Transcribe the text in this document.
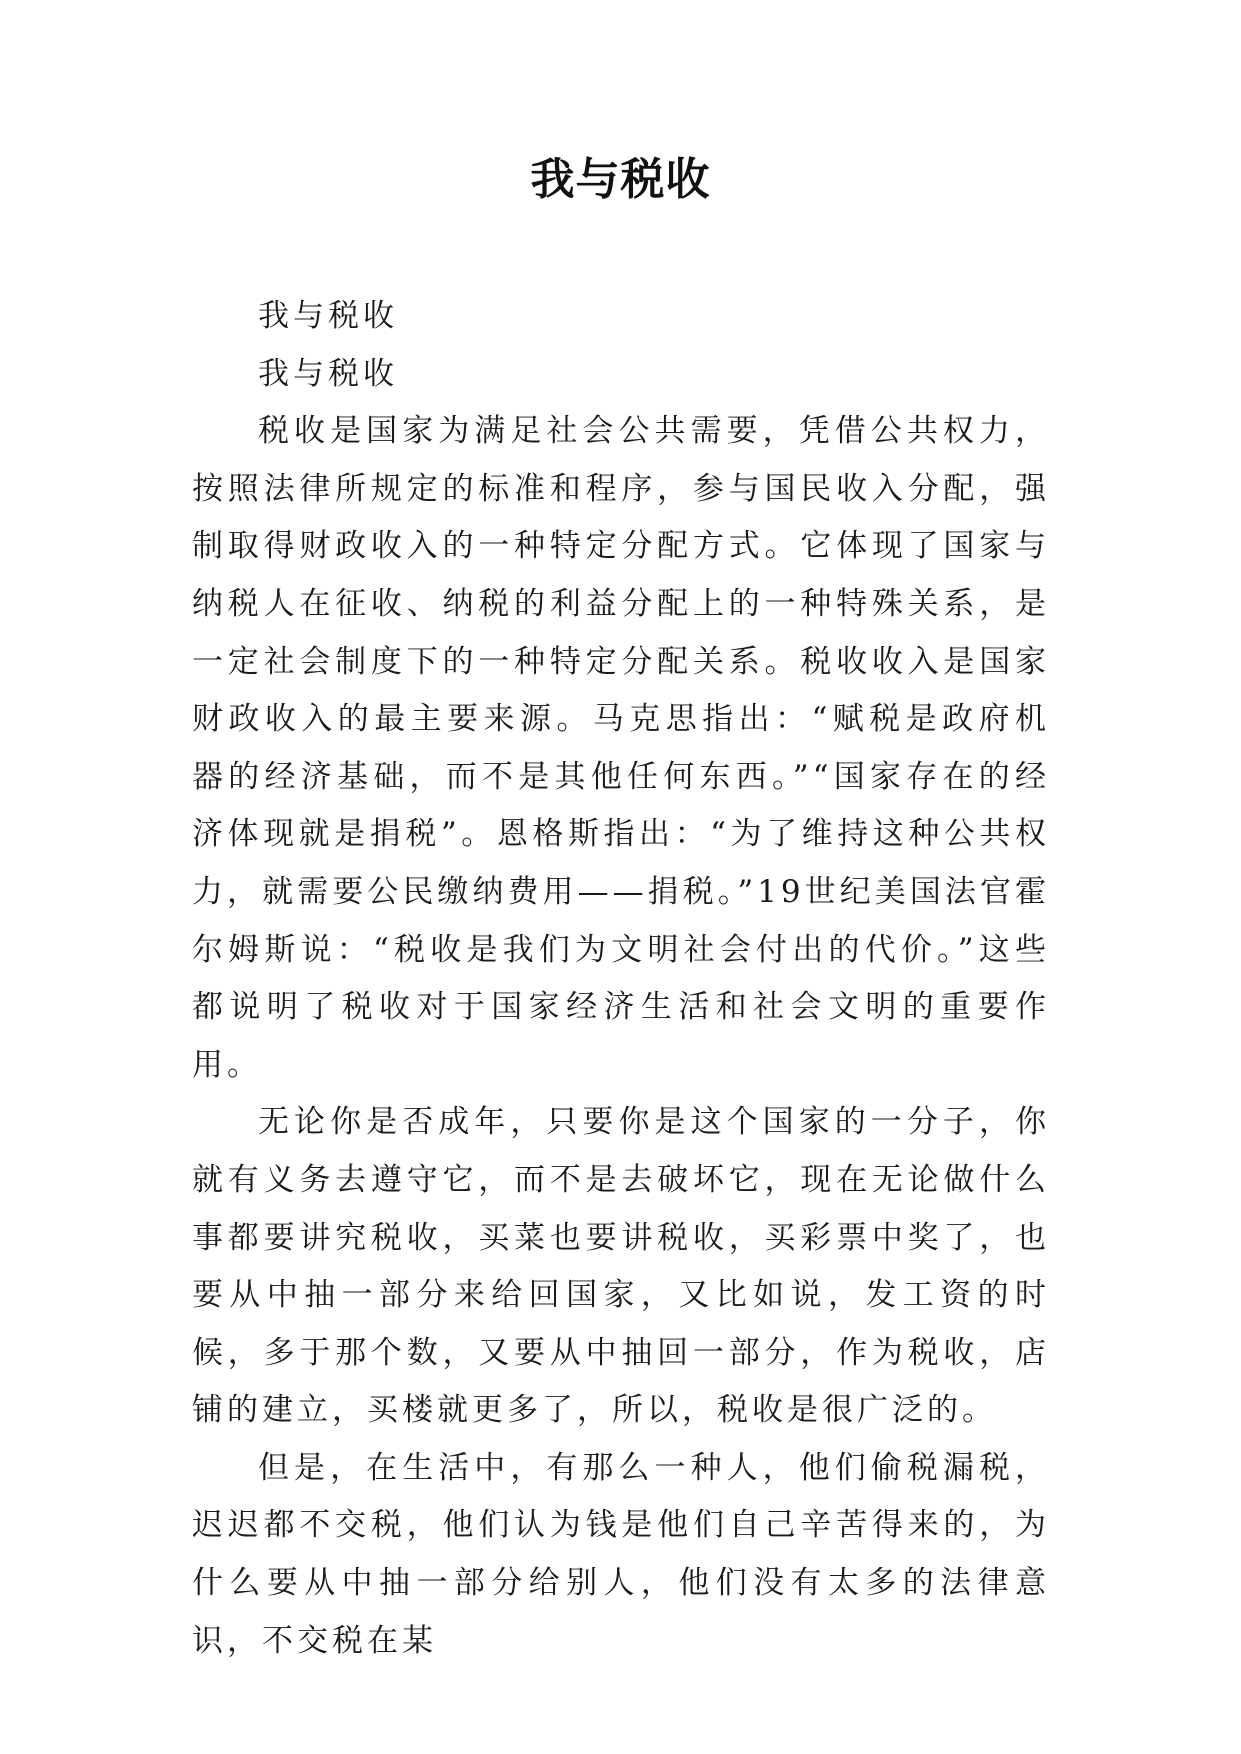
我与税收

我与税收

我与税收

税收是国家为满足社会公共需要，凭借公共权力，按照法律所规定的标准和程序，参与国民收入分配，强制取得财政收入的一种特定分配方式。它体现了国家与纳税人在征收、纳税的利益分配上的一种特殊关系，是一定社会制度下的一种特定分配关系。税收收入是国家财政收入的最主要来源。马克思指出：“赋税是政府机器的经济基础，而不是其他任何东西。”“国家存在的经济体现就是捐税”。恩格斯指出：“为了维持这种公共权力，就需要公民缴纳费用——捐税。”19世纪美国法官霍尔姆斯说：“税收是我们为文明社会付出的代价。”这些都说明了税收对于国家经济生活和社会文明的重要作用。

无论你是否成年，只要你是这个国家的一分子，你就有义务去遵守它，而不是去破坏它，现在无论做什么事都要讲究税收，买菜也要讲税收，买彩票中奖了，也要从中抽一部分来给回国家，又比如说，发工资的时候，多于那个数，又要从中抽回一部分，作为税收，店铺的建立，买楼就更多了，所以，税收是很广泛的。

但是，在生活中，有那么一种人，他们偷税漏税，迟迟都不交税，他们认为钱是他们自己辛苦得来的，为什么要从中抽一部分给别人，他们没有太多的法律意识，不交税在某
